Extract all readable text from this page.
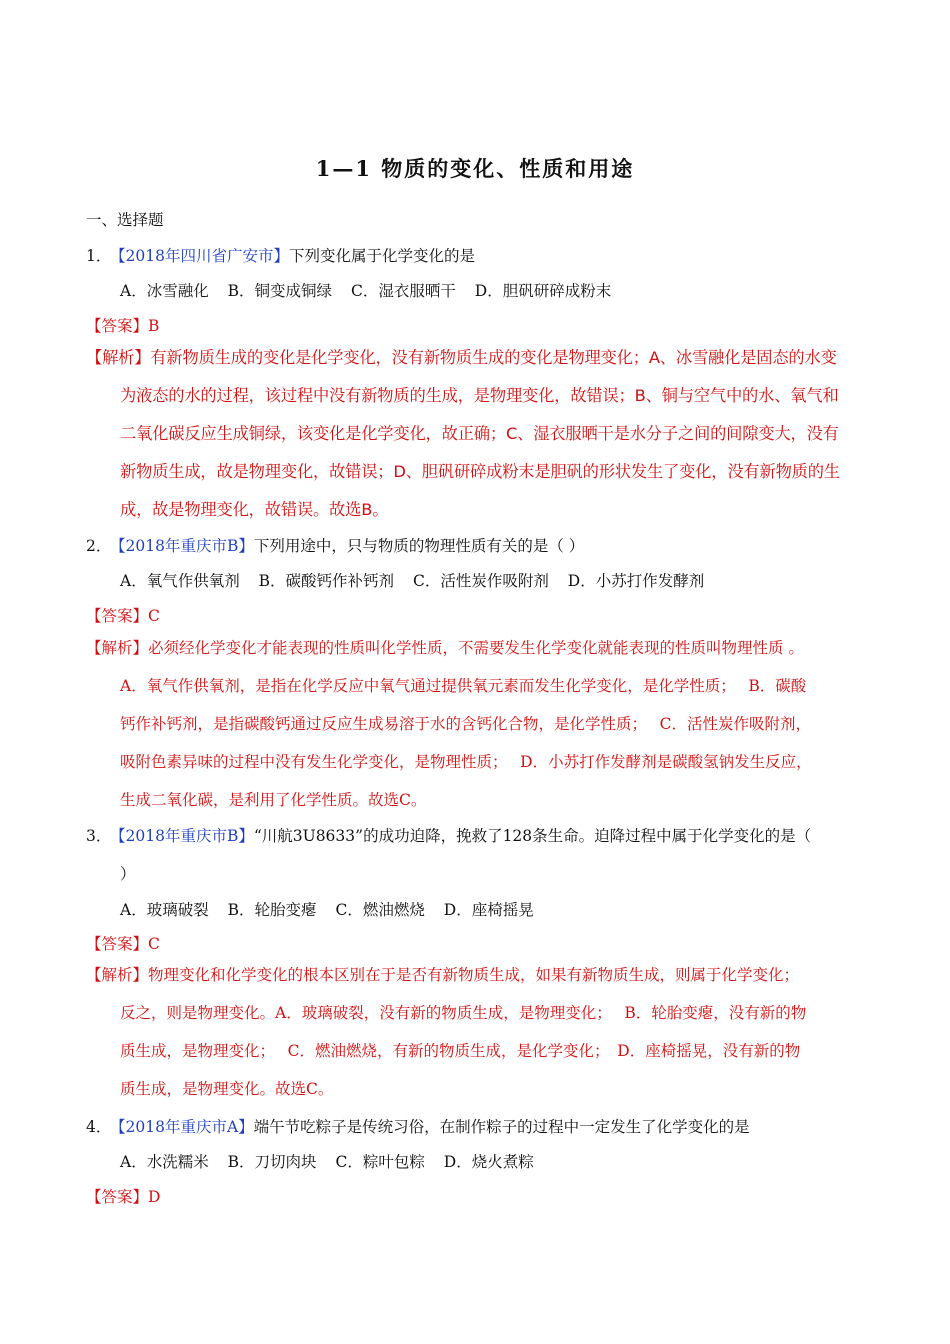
1—1 物质的变化、性质和用途
一、选择题
1．【2018年四川省广安市】下列变化属于化学变化的是
A．冰雪融化 B．铜变成铜绿 C．湿衣服晒干 D．胆矾研碎成粉末
【答案】B
【解析】有新物质生成的变化是化学变化，没有新物质生成的变化是物理变化；A、冰雪融化是固态的水变
为液态的水的过程，该过程中没有新物质的生成，是物理变化，故错误；B、铜与空气中的水、氧气和
二氧化碳反应生成铜绿，该变化是化学变化，故正确；C、湿衣服晒干是水分子之间的间隙变大，没有
新物质生成，故是物理变化，故错误；D、胆矾研碎成粉末是胆矾的形状发生了变化，没有新物质的生
成，故是物理变化，故错误。故选B。
2．【2018年重庆市B】下列用途中，只与物质的物理性质有关的是（ ）
A．氧气作供氧剂 B．碳酸钙作补钙剂 C．活性炭作吸附剂 D．小苏打作发酵剂
【答案】C
【解析】必须经化学变化才能表现的性质叫化学性质，不需要发生化学变化就能表现的性质叫物理性质 。
A．氧气作供氧剂，是指在化学反应中氧气通过提供氧元素而发生化学变化，是化学性质；　 B．碳酸
钙作补钙剂，是指碳酸钙通过反应生成易溶于水的含钙化合物，是化学性质；　 C．活性炭作吸附剂，
吸附色素异味的过程中没有发生化学变化，是物理性质；　 D．小苏打作发酵剂是碳酸氢钠发生反应，
生成二氧化碳，是利用了化学性质。故选C。
3．【2018年重庆市B】“川航3U8633”的成功迫降，挽救了128条生命。迫降过程中属于化学变化的是（
）
A．玻璃破裂 B．轮胎变瘪 C．燃油燃烧 D．座椅摇晃
【答案】C
【解析】物理变化和化学变化的根本区别在于是否有新物质生成，如果有新物质生成，则属于化学变化；
反之，则是物理变化。A．玻璃破裂，没有新的物质生成，是物理变化；　 B．轮胎变瘪，没有新的物
质生成，是物理变化；　 C．燃油燃烧，有新的物质生成，是化学变化；　D．座椅摇晃，没有新的物
质生成，是物理变化。故选C。
4．【2018年重庆市A】端午节吃粽子是传统习俗，在制作粽子的过程中一定发生了化学变化的是
A．水洗糯米 B．刀切肉块 C．粽叶包粽 D．烧火煮粽
【答案】D
